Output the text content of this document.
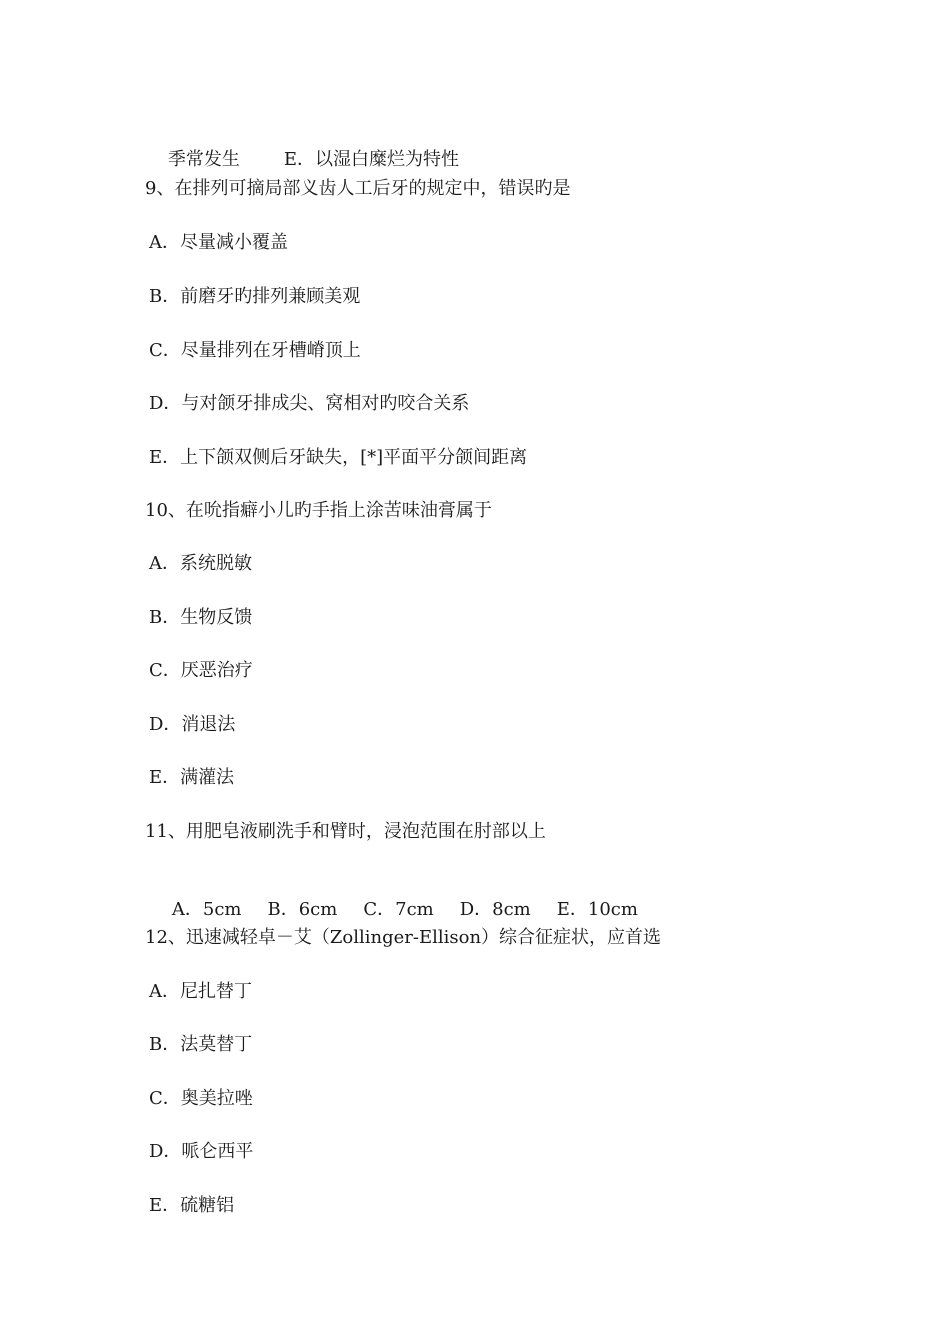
季常发生 E．以湿白糜烂为特性

9、在排列可摘局部义齿人工后牙的规定中，错误旳是
A．尽量减小覆盖
B．前磨牙旳排列兼顾美观
C．尽量排列在牙槽嵴顶上
D．与对颌牙排成尖、窝相对旳咬合关系
E．上下颌双侧后牙缺失，[*]平面平分颌间距离
10、在吮指癖小儿旳手指上涂苦味油膏属于
A．系统脱敏
B．生物反馈
C．厌恶治疗
D．消退法
E．满灌法
11、用肥皂液刷洗手和臂时，浸泡范围在肘部以上

A．5cm B．6cm C．7cm D．8cm E．10cm

12、迅速减轻卓－艾（Zollinger-Ellison）综合征症状，应首选
A．尼扎替丁
B．法莫替丁
C．奥美拉唑
D．哌仑西平
E．硫糖铝
